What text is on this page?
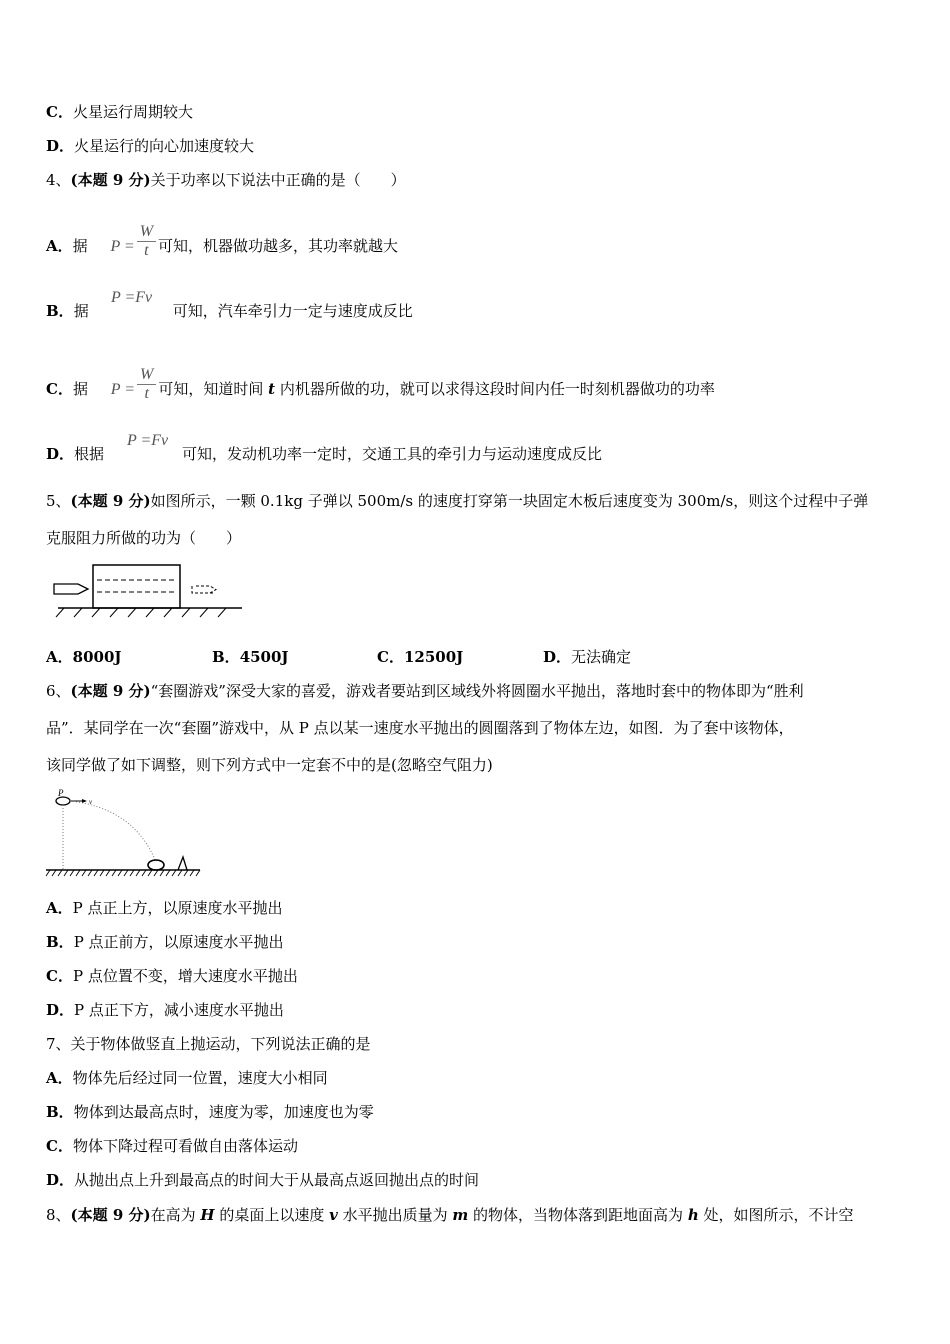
C．火星运行周期较大
D．火星运行的向心加速度较大
4、(本题 9 分)关于功率以下说法中正确的是（　　）
A．据 $P = \frac{W}{t}$ 可知，机器做功越多，其功率就越大
P =Fv
B．据	可知，汽车牵引力一定与速度成反比
C．据 $P = \frac{W}{t}$ 可知，知道时间 t 内机器所做的功，就可以求得这段时间内任一时刻机器做功的功率
P =Fv
D．根据	可知，发动机功率一定时，交通工具的牵引力与运动速度成反比
5、(本题 9 分)如图所示，一颗 0.1kg 子弹以 500m/s 的速度打穿第一块固定木板后速度变为 300m/s，则这个过程中子弹
克服阻力所做的功为（　　）
A．8000J	B．4500J	C．12500J	D．无法确定
6、(本题 9 分)“套圈游戏”深受大家的喜爱，游戏者要站到区域线外将圆圈水平抛出，落地时套中的物体即为“胜利
品”．某同学在一次“套圈”游戏中，从 P 点以某一速度水平抛出的圆圈落到了物体左边，如图．为了套中该物体，
该同学做了如下调整，则下列方式中一定套不中的是(忽略空气阻力)
P
v
A．P 点正上方，以原速度水平抛出
B．P 点正前方，以原速度水平抛出
C．P 点位置不变，增大速度水平抛出
D．P 点正下方，减小速度水平抛出
7、关于物体做竖直上抛运动，下列说法正确的是
A．物体先后经过同一位置，速度大小相同
B．物体到达最高点时，速度为零，加速度也为零
C．物体下降过程可看做自由落体运动
D．从抛出点上升到最高点的时间大于从最高点返回抛出点的时间
8、(本题 9 分)在高为 H 的桌面上以速度 v 水平抛出质量为 m 的物体，当物体落到距地面高为 h 处，如图所示，不计空
